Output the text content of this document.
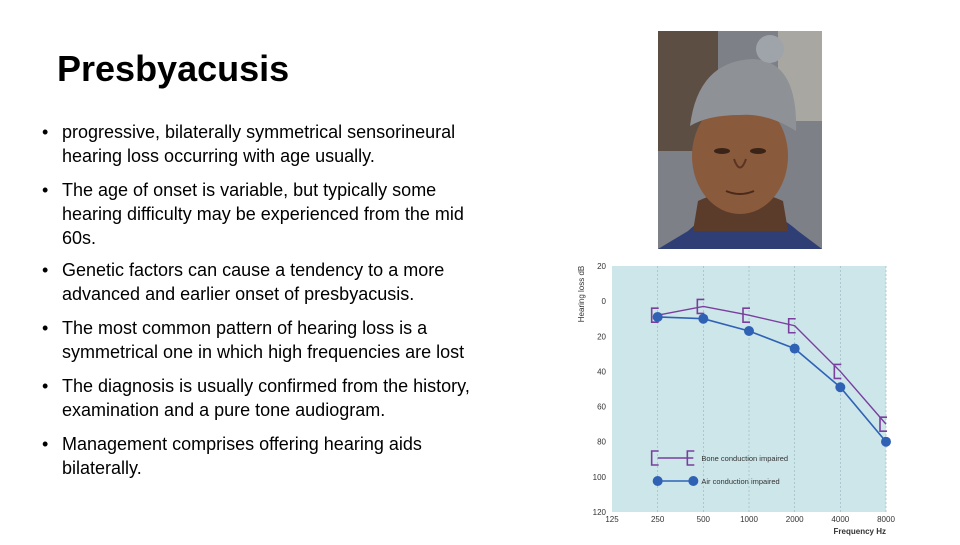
Presbyacusis
• progressive, bilaterally symmetrical sensorineural
hearing loss occurring with age usually.
• The age of onset is variable, but typically some
hearing difficulty may be experienced from the mid
60s.
• Genetic factors can cause a tendency to a more
advanced and earlier onset of presbyacusis.
• The most common pattern of hearing loss is a
symmetrical one in which high frequencies are lost
• The diagnosis is usually confirmed from the history,
examination and a pure tone audiogram.
• Management comprises offering hearing aids
bilaterally.
20
0
20
40
60
80
100
120
125	250	500	1000	2000	4000	8000
Hearing loss dB
Frequency Hz
Bone conduction impaired
Air conduction impaired
